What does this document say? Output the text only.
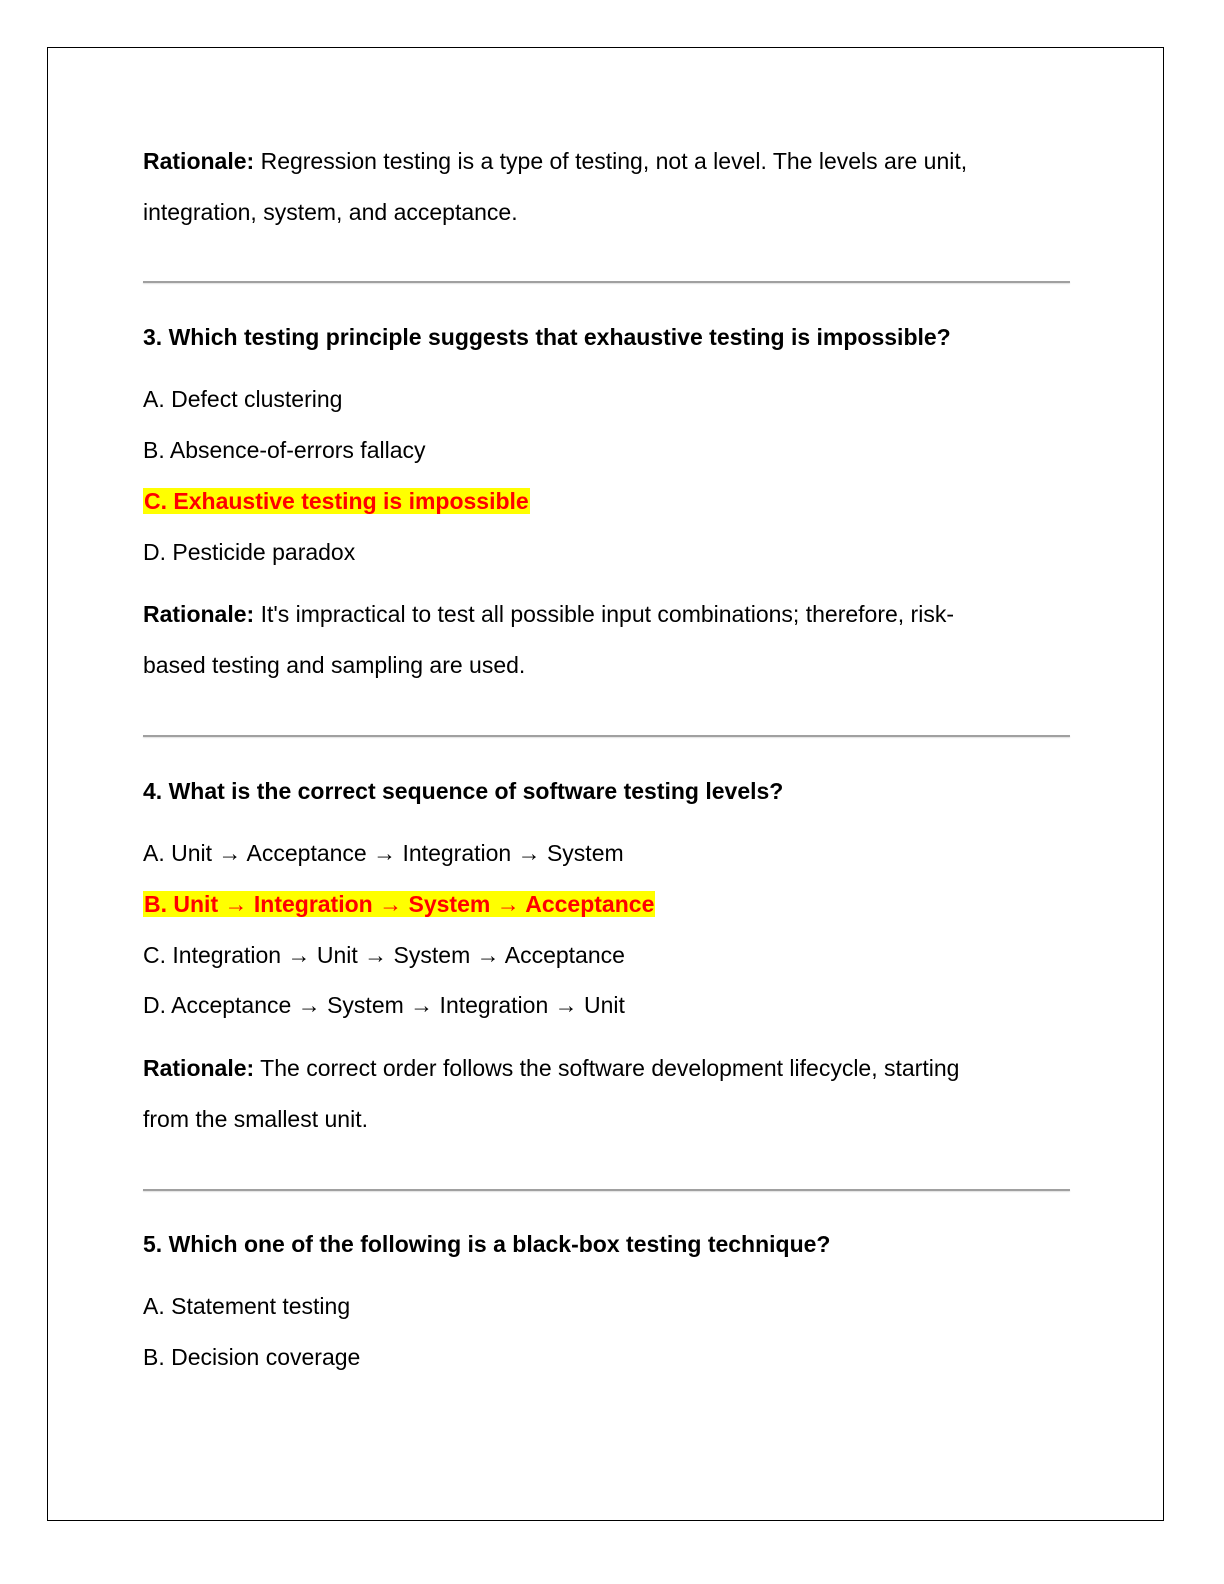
Rationale: Regression testing is a type of testing, not a level. The levels are unit,
integration, system, and acceptance.
3. Which testing principle suggests that exhaustive testing is impossible?
A. Defect clustering
B. Absence-of-errors fallacy
C. Exhaustive testing is impossible
D. Pesticide paradox
Rationale: It's impractical to test all possible input combinations; therefore, risk-
based testing and sampling are used.
4. What is the correct sequence of software testing levels?
A. Unit → Acceptance → Integration → System
B. Unit → Integration → System → Acceptance
C. Integration → Unit → System → Acceptance
D. Acceptance → System → Integration → Unit
Rationale: The correct order follows the software development lifecycle, starting
from the smallest unit.
5. Which one of the following is a black-box testing technique?
A. Statement testing
B. Decision coverage
